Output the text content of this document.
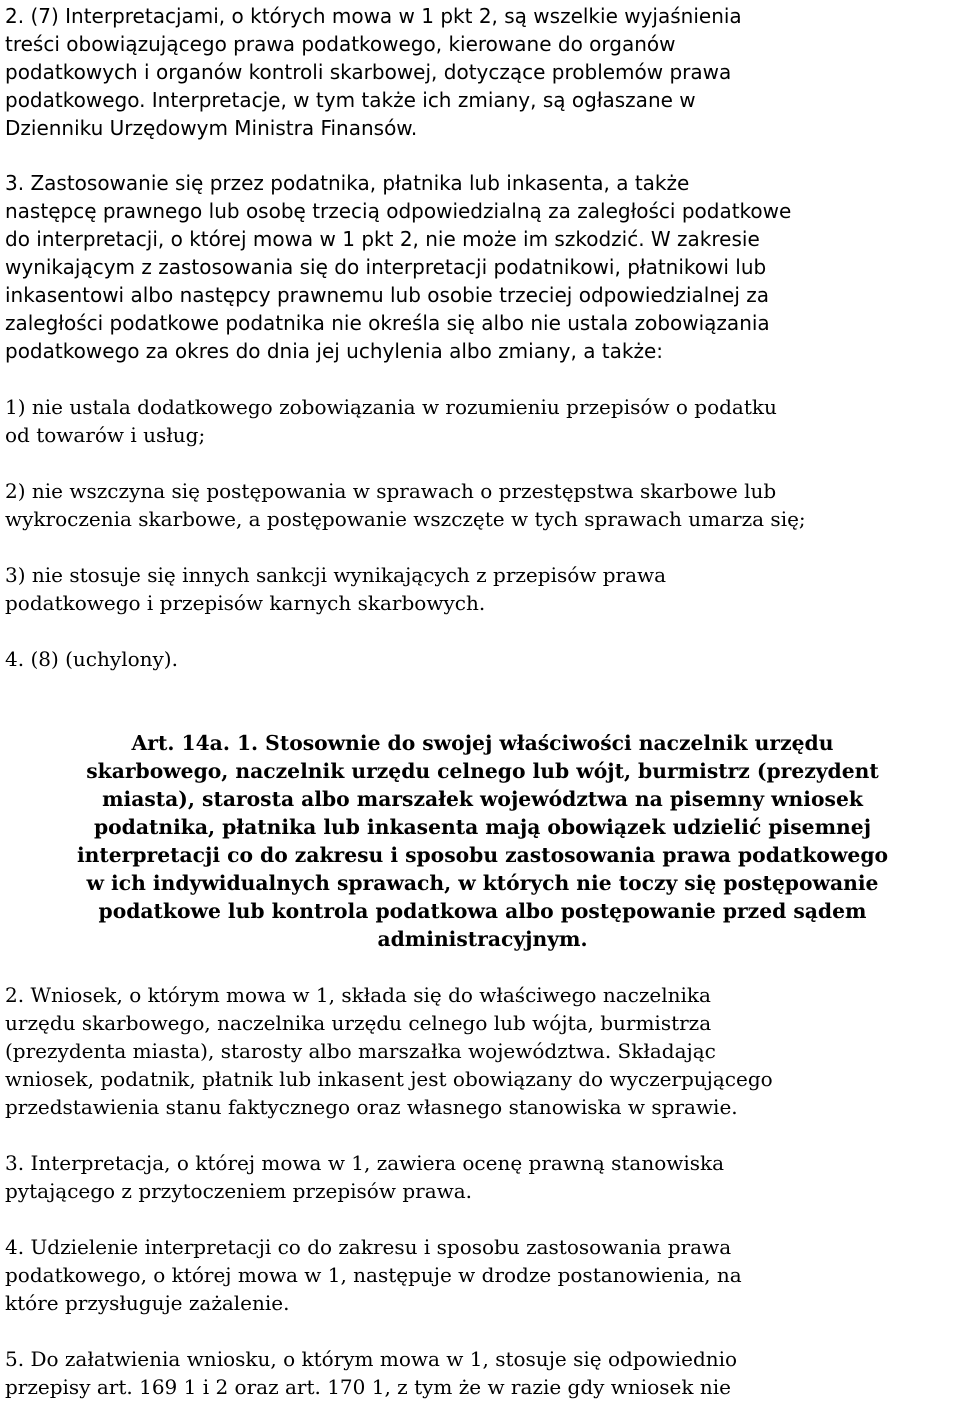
2. (7) Interpretacjami, o których mowa w 1 pkt 2, są wszelkie wyjaśnienia
treści obowiązującego prawa podatkowego, kierowane do organów
podatkowych i organów kontroli skarbowej, dotyczące problemów prawa
podatkowego. Interpretacje, w tym także ich zmiany, są ogłaszane w
Dzienniku Urzędowym Ministra Finansów.
3. Zastosowanie się przez podatnika, płatnika lub inkasenta, a także
następcę prawnego lub osobę trzecią odpowiedzialną za zaległości podatkowe
do interpretacji, o której mowa w 1 pkt 2, nie może im szkodzić. W zakresie
wynikającym z zastosowania się do interpretacji podatnikowi, płatnikowi lub
inkasentowi albo następcy prawnemu lub osobie trzeciej odpowiedzialnej za
zaległości podatkowe podatnika nie określa się albo nie ustala zobowiązania
podatkowego za okres do dnia jej uchylenia albo zmiany, a także:
1) nie ustala dodatkowego zobowiązania w rozumieniu przepisów o podatku
od towarów i usług;
2) nie wszczyna się postępowania w sprawach o przestępstwa skarbowe lub
wykroczenia skarbowe, a postępowanie wszczęte w tych sprawach umarza się;
3) nie stosuje się innych sankcji wynikających z przepisów prawa
podatkowego i przepisów karnych skarbowych.
4. (8) (uchylony).
Art. 14a. 1. Stosownie do swojej właściwości naczelnik urzędu
skarbowego, naczelnik urzędu celnego lub wójt, burmistrz (prezydent
miasta), starosta albo marszałek województwa na pisemny wniosek
podatnika, płatnika lub inkasenta mają obowiązek udzielić pisemnej
interpretacji co do zakresu i sposobu zastosowania prawa podatkowego
w ich indywidualnych sprawach, w których nie toczy się postępowanie
podatkowe lub kontrola podatkowa albo postępowanie przed sądem
administracyjnym.
2. Wniosek, o którym mowa w 1, składa się do właściwego naczelnika
urzędu skarbowego, naczelnika urzędu celnego lub wójta, burmistrza
(prezydenta miasta), starosty albo marszałka województwa. Składając
wniosek, podatnik, płatnik lub inkasent jest obowiązany do wyczerpującego
przedstawienia stanu faktycznego oraz własnego stanowiska w sprawie.
3. Interpretacja, o której mowa w 1, zawiera ocenę prawną stanowiska
pytającego z przytoczeniem przepisów prawa.
4. Udzielenie interpretacji co do zakresu i sposobu zastosowania prawa
podatkowego, o której mowa w 1, następuje w drodze postanowienia, na
które przysługuje zażalenie.
5. Do załatwienia wniosku, o którym mowa w 1, stosuje się odpowiednio
przepisy art. 169 1 i 2 oraz art. 170 1, z tym że w razie gdy wniosek nie
